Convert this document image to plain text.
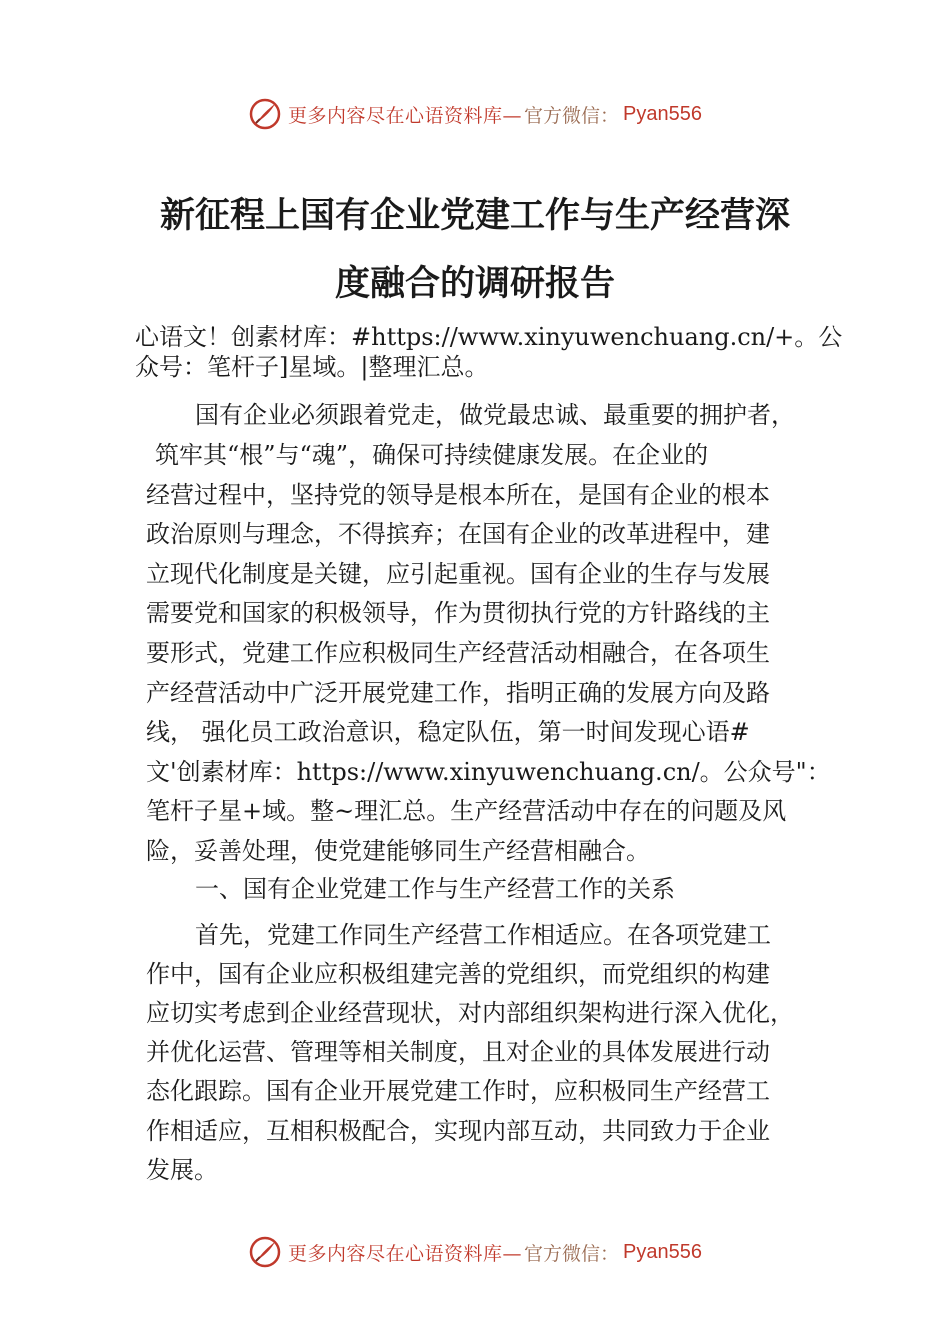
更多内容尽在心语资料库— 官方微信： Pyan556
新征程上国有企业党建工作与生产经营深
度融合的调研报告
心语文！创素材库：#https://www.xinyuwenchuang.cn/+。公
众号：笔杆子]星域。|整理汇总。
国有企业必须跟着党走，做党最忠诚、最重要的拥护者，
筑牢其“根”与“魂”，确保可持续健康发展。在企业的
经营过程中，坚持党的领导是根本所在，是国有企业的根本
政治原则与理念，不得摈弃；在国有企业的改革进程中，建
立现代化制度是关键，应引起重视。国有企业的生存与发展
需要党和国家的积极领导，作为贯彻执行党的方针路线的主
要形式，党建工作应积极同生产经营活动相融合，在各项生
产经营活动中广泛开展党建工作，指明正确的发展方向及路
线， 强化员工政治意识，稳定队伍，第一时间发现心语#
文'创素材库：https://www.xinyuwenchuang.cn/。公众号"：
笔杆子星+域。整~理汇总。生产经营活动中存在的问题及风
险，妥善处理，使党建能够同生产经营相融合。
一、国有企业党建工作与生产经营工作的关系
首先，党建工作同生产经营工作相适应。在各项党建工
作中，国有企业应积极组建完善的党组织，而党组织的构建
应切实考虑到企业经营现状，对内部组织架构进行深入优化，
并优化运营、管理等相关制度，且对企业的具体发展进行动
态化跟踪。国有企业开展党建工作时，应积极同生产经营工
作相适应，互相积极配合，实现内部互动，共同致力于企业
发展。
更多内容尽在心语资料库— 官方微信： Pyan556
